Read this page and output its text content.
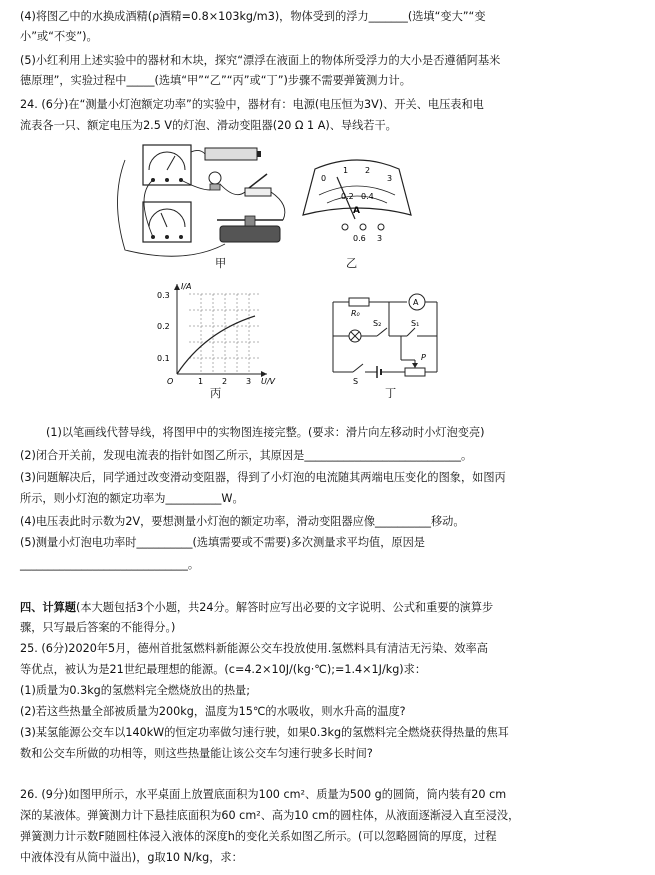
(4)将图乙中的水换成酒精(ρ酒精=0.8×103kg/m3)，物体受到的浮力_______(选填“变大”“变
小”或“不变”)。
(5)小红利用上述实验中的器材和木块，探究“漂浮在液面上的物体所受浮力的大小是否遵循阿基米
德原理”，实验过程中_____(选填“甲”“乙”“丙”或“丁”)步骤不需要弹簧测力计。
24. (6分)在“测量小灯泡额定功率”的实验中，器材有：电源(电压恒为3V)、开关、电压表和电
流表各一只、额定电压为2.5 V的灯泡、滑动变阻器(20 Ω 1 A)、导线若干。
甲
0
1 2
3
0.2 0.4
A
0.6 3
乙
I/A
0.3
0.2
0.1
O	1 2 3 U/V
丙
R₀
A
S₂	S₁
S
P
丁
(1)以笔画线代替导线，将图甲中的实物图连接完整。(要求：滑片向左移动时小灯泡变亮)
(2)闭合开关前，发现电流表的指针如图乙所示，其原因是____________________________。
(3)问题解决后，同学通过改变滑动变阻器，得到了小灯泡的电流随其两端电压变化的图象，如图丙
所示，则小灯泡的额定功率为__________W。
(4)电压表此时示数为2V，要想测量小灯泡的额定功率，滑动变阻器应像__________移动。
(5)测量小灯泡电功率时__________(选填需要或不需要)多次测量求平均值，原因是
______________________________。
四、计算题(本大题包括3个小题，共24分。解答时应写出必要的文字说明、公式和重要的演算步
骤，只写最后答案的不能得分。)
25. (6分)2020年5月，德州首批氢燃料新能源公交车投放使用.氢燃料具有清洁无污染、效率高
等优点，被认为是21世纪最理想的能源。(c=4.2×10J/(kg·℃);=1.4×1J/kg)求：
(1)质量为0.3kg的氢燃料完全燃烧放出的热量;
(2)若这些热量全部被质量为200kg，温度为15℃的水吸收，则水升高的温度?
(3)某氢能源公交车以140kW的恒定功率做匀速行驶，如果0.3kg的氢燃料完全燃烧获得热量的焦耳
数和公交车所做的功相等，则这些热量能让该公交车匀速行驶多长时间?
26. (9分)如图甲所示，水平桌面上放置底面积为100 cm²、质量为500 g的圆筒，筒内装有20 cm
深的某液体。弹簧测力计下悬挂底面积为60 cm²、高为10 cm的圆柱体，从液面逐渐浸入直至浸没，
弹簧测力计示数F随圆柱体浸入液体的深度h的变化关系如图乙所示。(可以忽略圆筒的厚度，过程
中液体没有从筒中溢出)，g取10 N/kg，求：
